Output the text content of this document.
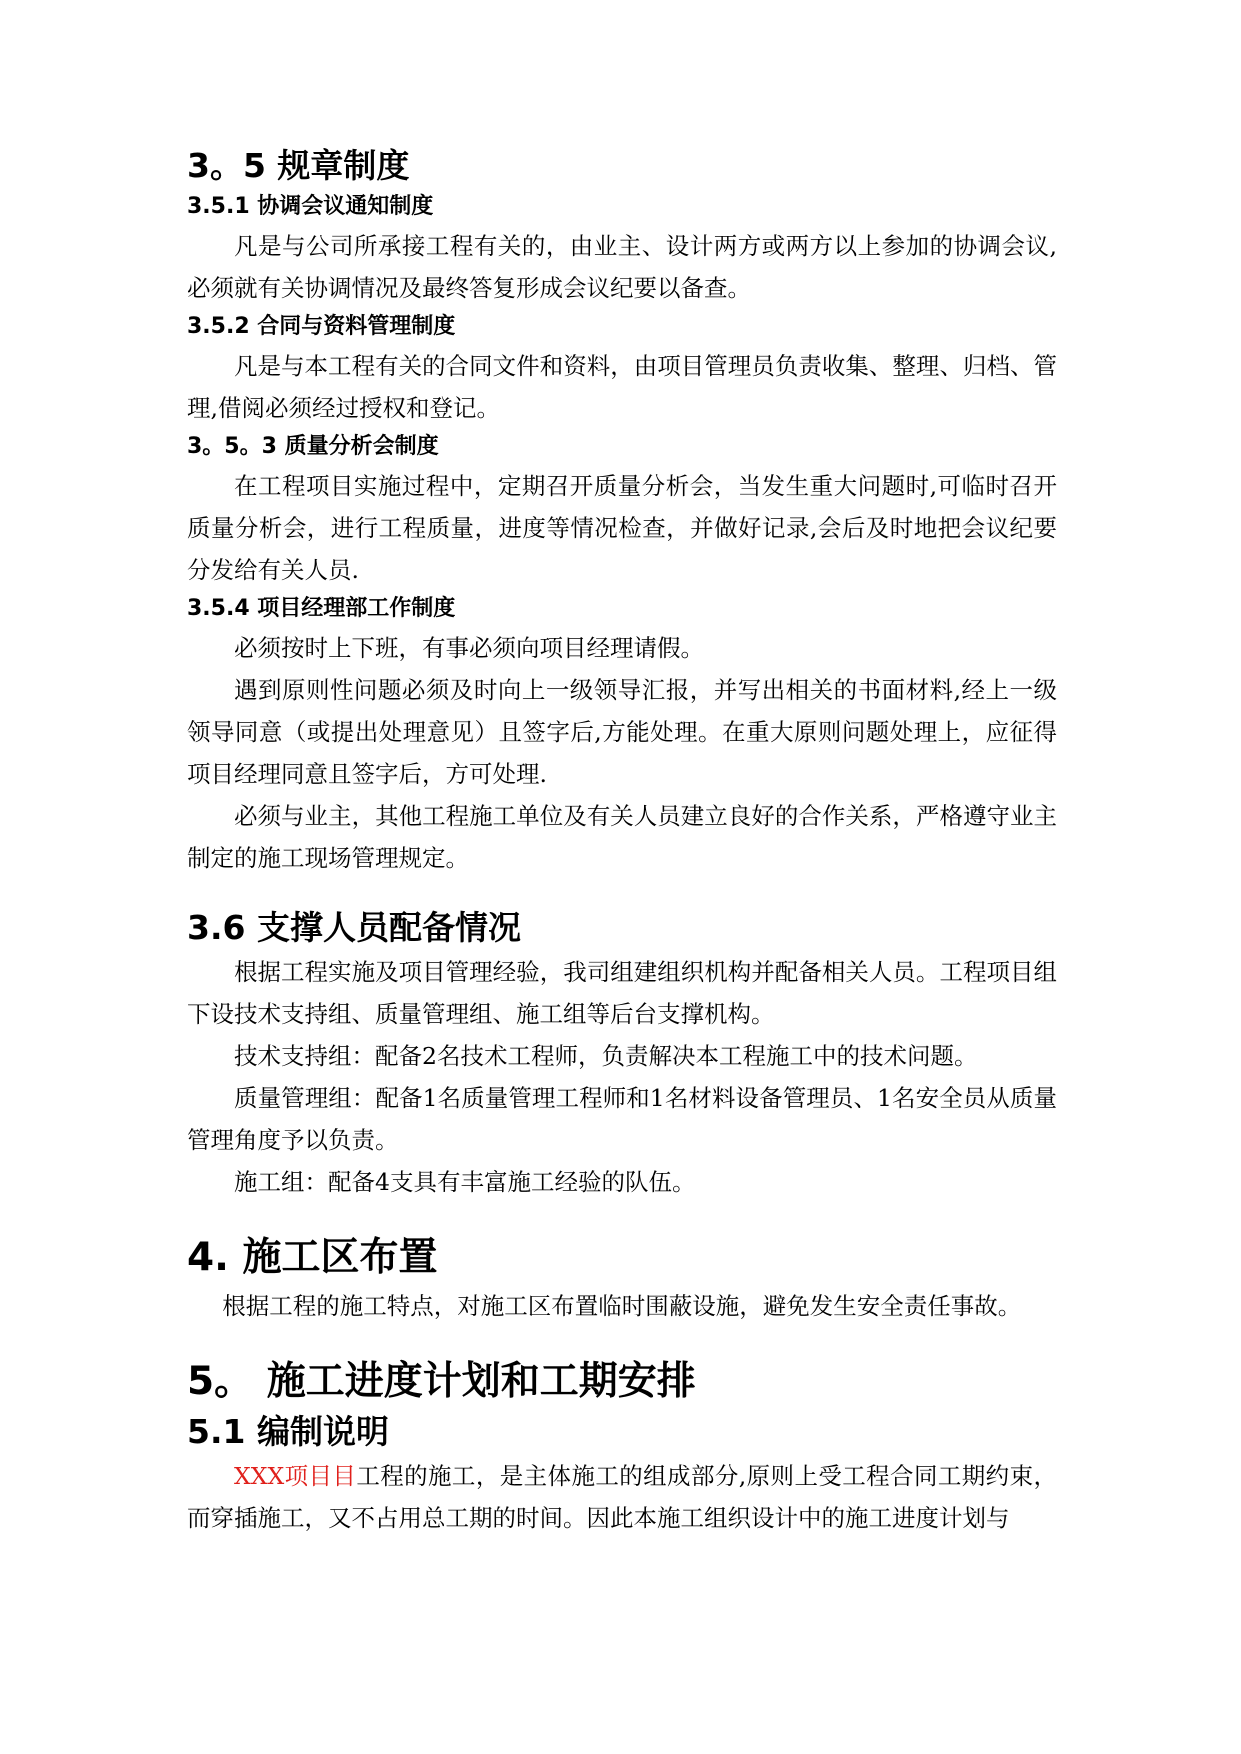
3。5 规章制度
3.5.1 协调会议通知制度

凡是与公司所承接工程有关的，由业主、设计两方或两方以上参加的协调会议,必须就有关协调情况及最终答复形成会议纪要以备查。

3.5.2 合同与资料管理制度

凡是与本工程有关的合同文件和资料，由项目管理员负责收集、整理、归档、管理,借阅必须经过授权和登记。

3。5。3 质量分析会制度

在工程项目实施过程中，定期召开质量分析会，当发生重大问题时,可临时召开质量分析会，进行工程质量，进度等情况检查，并做好记录,会后及时地把会议纪要分发给有关人员.

3.5.4 项目经理部工作制度

必须按时上下班，有事必须向项目经理请假。

遇到原则性问题必须及时向上一级领导汇报，并写出相关的书面材料,经上一级领导同意（或提出处理意见）且签字后,方能处理。在重大原则问题处理上，应征得项目经理同意且签字后，方可处理.

必须与业主，其他工程施工单位及有关人员建立良好的合作关系，严格遵守业主制定的施工现场管理规定。

3.6 支撑人员配备情况

根据工程实施及项目管理经验，我司组建组织机构并配备相关人员。工程项目组下设技术支持组、质量管理组、施工组等后台支撑机构。

技术支持组：配备2名技术工程师，负责解决本工程施工中的技术问题。

质量管理组：配备1名质量管理工程师和1名材料设备管理员、1名安全员从质量管理角度予以负责。

施工组：配备4支具有丰富施工经验的队伍。

4. 施工区布置

根据工程的施工特点，对施工区布置临时围蔽设施，避免发生安全责任事故。

5。 施工进度计划和工期安排
5.1 编制说明

XXX项目目工程的施工，是主体施工的组成部分,原则上受工程合同工期约束，而穿插施工，又不占用总工期的时间。因此本施工组织设计中的施工进度计划与
